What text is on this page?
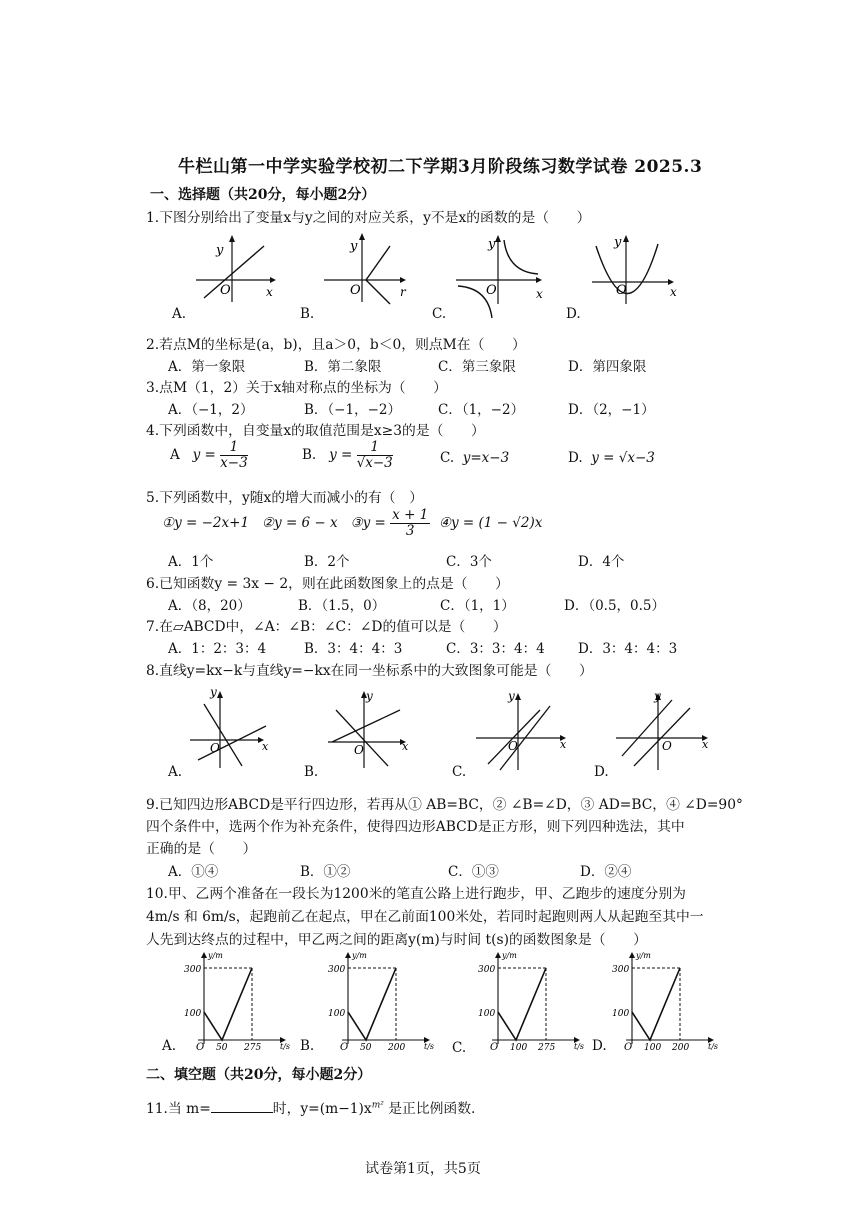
牛栏山第一中学实验学校初二下学期3月阶段练习数学试卷 2025.3
一、选择题（共20分，每小题2分）
1.下图分别给出了变量x与y之间的对应关系，y不是x的函数的是（　　）
y
O	x
y
O	r
y
O	x
y
O	x
A.	B.	C.	D.
2.若点M的坐标是(a，b)，且a＞0，b＜0，则点M在（　　）
A．第一象限	B．第二象限	C．第三象限	D．第四象限
3.点M（1，2）关于x轴对称点的坐标为（　　）
A．（−1，2）	B．（−1，−2）	C．（1，−2）	D．（2，−1）
4.下列函数中，自变量x的取值范围是x≥3的是（　　）
A $y = \frac{1}{x-3}$	B. $y = \frac{1}{√x-3}$	C. y=x−3	D. y = √x−3
5.下列函数中，y随x的增大而减小的有（　）
①y = −2x+1 ②y = 6 − x ③y = $\frac{x + 1}{3}$ ④y = (1 − √2)x
A．1个	B．2个	C．3个	D．4个
6.已知函数y = 3x − 2，则在此函数图象上的点是（　　）
A．（8，20）	B．（1.5，0）	C．（1，1）	D．（0.5，0.5）
7.在▱ABCD中，∠A：∠B：∠C：∠D的值可以是（　　）
A．1：2：3：4	B．3：4：4：3	C．3：3：4：4 D．3：4：4：3
8.直线y=kx−k与直线y=−kx在同一坐标系中的大致图象可能是（　　）
y
O	x
y
O	x
y
O	x
y
O	x
A.	B.	C.	D.
9.已知四边形ABCD是平行四边形，若再从① AB=BC，② ∠B=∠D，③ AD=BC，④ ∠D=90°
四个条件中，选两个作为补充条件，使得四边形ABCD是正方形，则下列四种选法，其中
正确的是（　　）
A．①④	B．①②	C．①③	D．②④
10.甲、乙两个准备在一段长为1200米的笔直公路上进行跑步，甲、乙跑步的速度分别为
4m/s 和 6m/s，起跑前乙在起点，甲在乙前面100米处，若同时起跑则两人从起跑至其中一
人先到达终点的过程中，甲乙两之间的距离y(m)与时间 t(s)的函数图象是（　　）
300
100
O 50 275 t/s
y/m
300
100
O 50 200 t/s
y/m
300
100
O 100 275 t/s
y/m
300
100
O 100 200 t/s
y/m
A.	B.	C.	D.
二、填空题（共20分，每小题2分）
11.当 m=	时，$y=(m-1)x^{m^2}$ 是正比例函数.
试卷第1页，共5页
